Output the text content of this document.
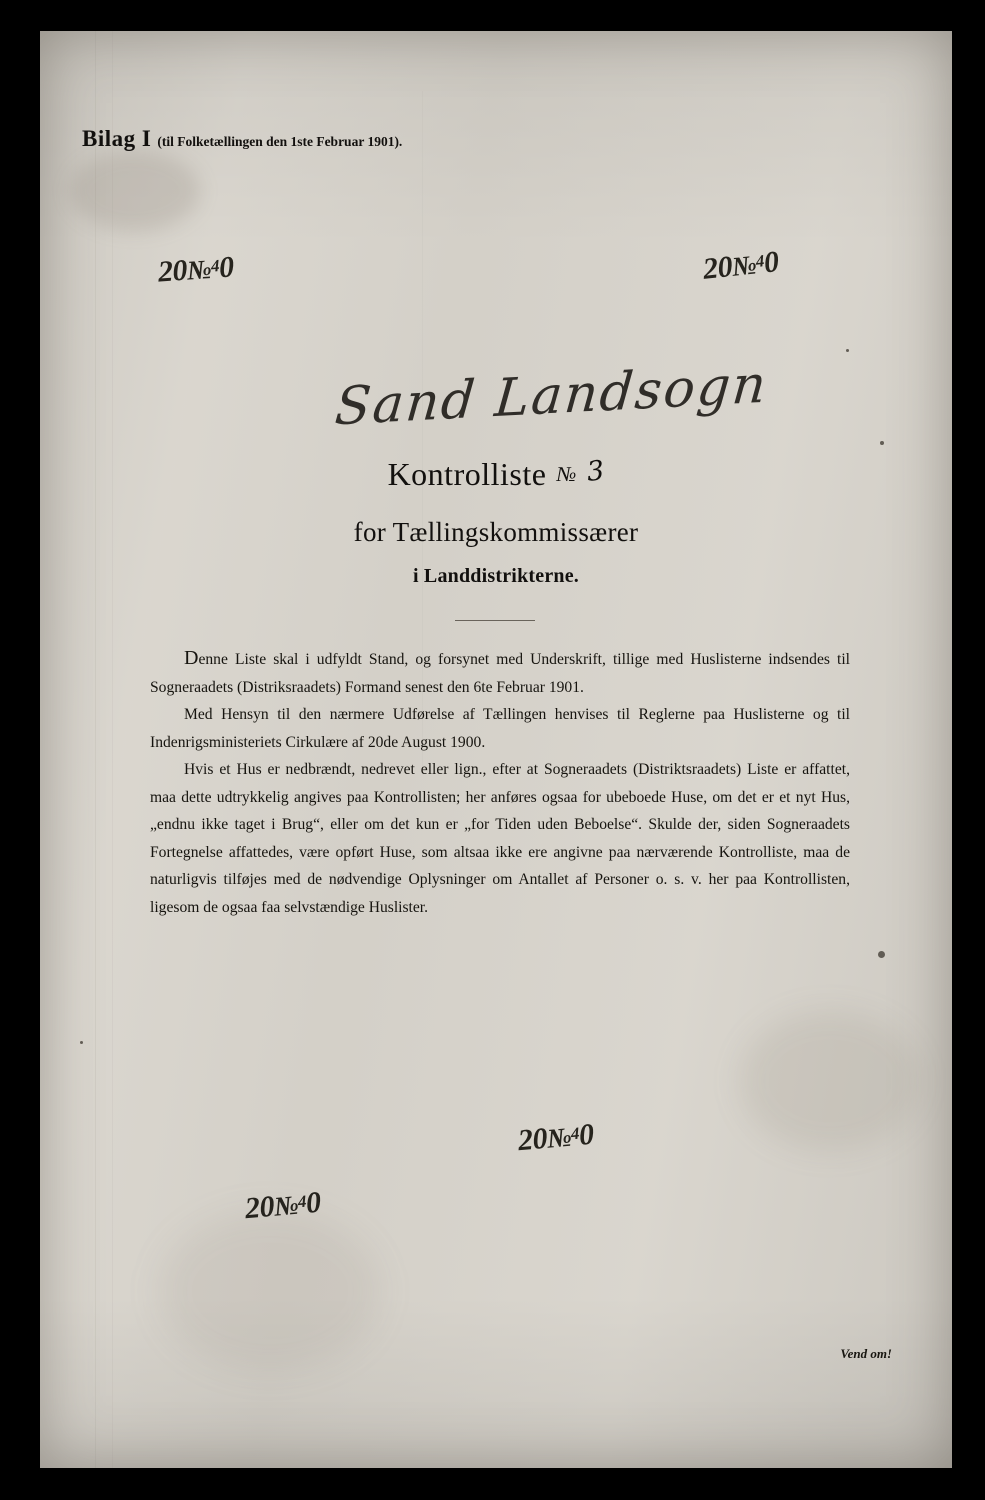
Bilag I (til Folketællingen den 1ste Februar 1901).
20№40	20№40
20№40
20№40
Sand Landsogn
Kontrolliste № 3
for Tællingskommissærer
i Landdistrikterne.

Denne Liste skal i udfyldt Stand, og forsynet med Underskrift, tillige med Huslisterne indsendes til Sogneraadets (Distriksraadets) Formand senest den 6te Februar 1901.

Med Hensyn til den nærmere Udførelse af Tællingen henvises til Reglerne paa Huslisterne og til Indenrigsministeriets Cirkulære af 20de August 1900.

Hvis et Hus er nedbrændt, nedrevet eller lign., efter at Sogneraadets (Distriktsraadets) Liste er affattet, maa dette udtrykkelig angives paa Kontrollisten; her anføres ogsaa for ubeboede Huse, om det er et nyt Hus, „endnu ikke taget i Brug“, eller om det kun er „for Tiden uden Beboelse“. Skulde der, siden Sogneraadets Fortegnelse affattedes, være opført Huse, som altsaa ikke ere angivne paa nærværende Kontrolliste, maa de naturligvis tilføjes med de nødvendige Oplysninger om Antallet af Personer o. s. v. her paa Kontrollisten, ligesom de ogsaa faa selvstændige Huslister.

Vend om!
